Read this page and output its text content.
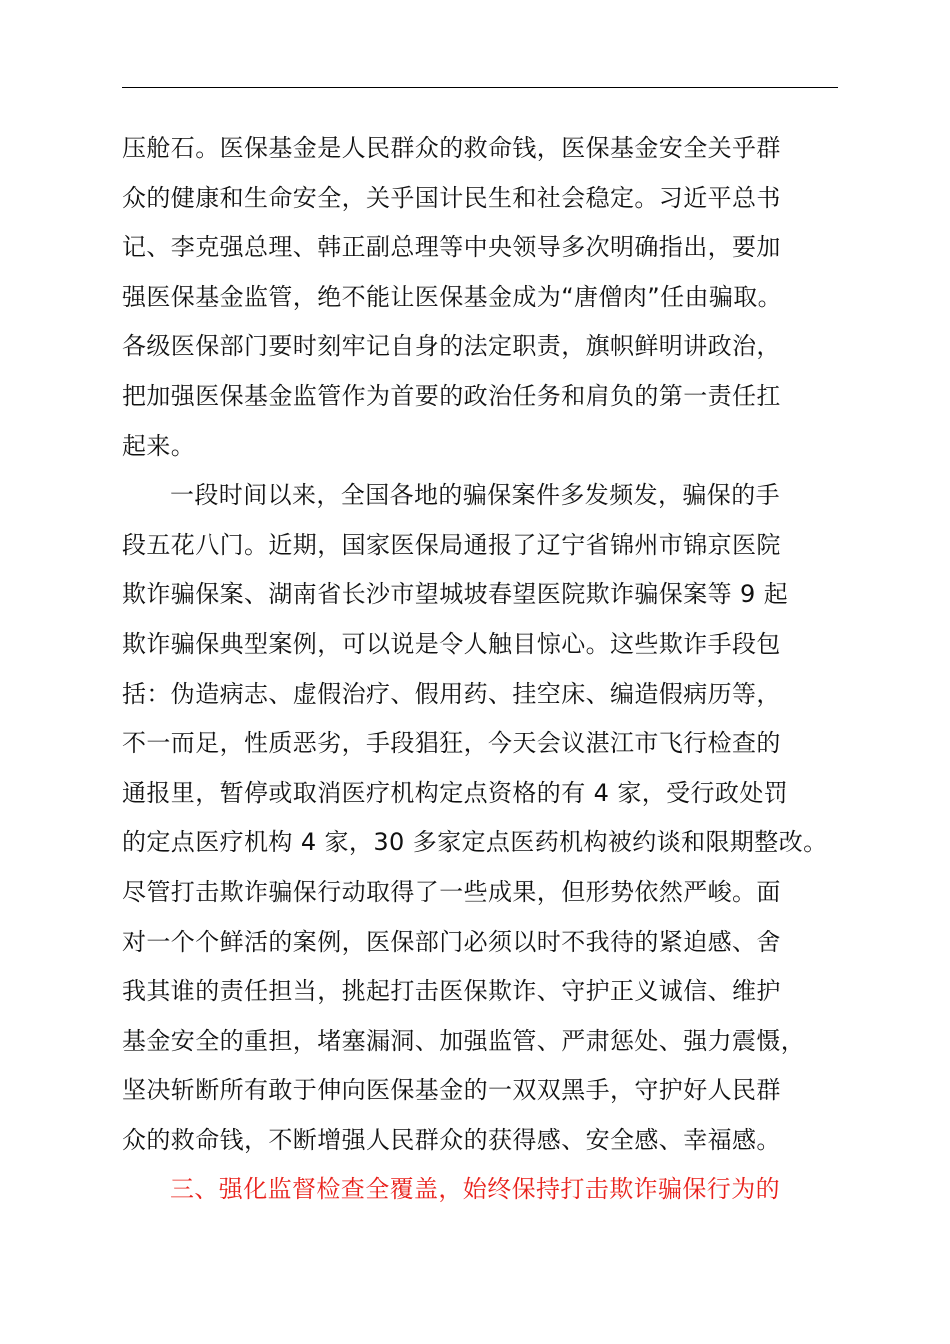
压舱石。医保基金是人民群众的救命钱，医保基金安全关乎群
众的健康和生命安全，关乎国计民生和社会稳定。习近平总书
记、李克强总理、韩正副总理等中央领导多次明确指出，要加
强医保基金监管，绝不能让医保基金成为“唐僧肉”任由骗取。
各级医保部门要时刻牢记自身的法定职责，旗帜鲜明讲政治，
把加强医保基金监管作为首要的政治任务和肩负的第一责任扛
起来。
一段时间以来，全国各地的骗保案件多发频发，骗保的手
段五花八门。近期，国家医保局通报了辽宁省锦州市锦京医院
欺诈骗保案、湖南省长沙市望城坡春望医院欺诈骗保案等 9 起
欺诈骗保典型案例，可以说是令人触目惊心。这些欺诈手段包
括：伪造病志、虚假治疗、假用药、挂空床、编造假病历等，
不一而足，性质恶劣，手段猖狂，今天会议湛江市飞行检查的
通报里，暂停或取消医疗机构定点资格的有 4 家，受行政处罚
的定点医疗机构 4 家，30 多家定点医药机构被约谈和限期整改。
尽管打击欺诈骗保行动取得了一些成果，但形势依然严峻。面
对一个个鲜活的案例，医保部门必须以时不我待的紧迫感、舍
我其谁的责任担当，挑起打击医保欺诈、守护正义诚信、维护
基金安全的重担，堵塞漏洞、加强监管、严肃惩处、强力震慑，
坚决斩断所有敢于伸向医保基金的一双双黑手，守护好人民群
众的救命钱，不断增强人民群众的获得感、安全感、幸福感。
三、强化监督检查全覆盖，始终保持打击欺诈骗保行为的
